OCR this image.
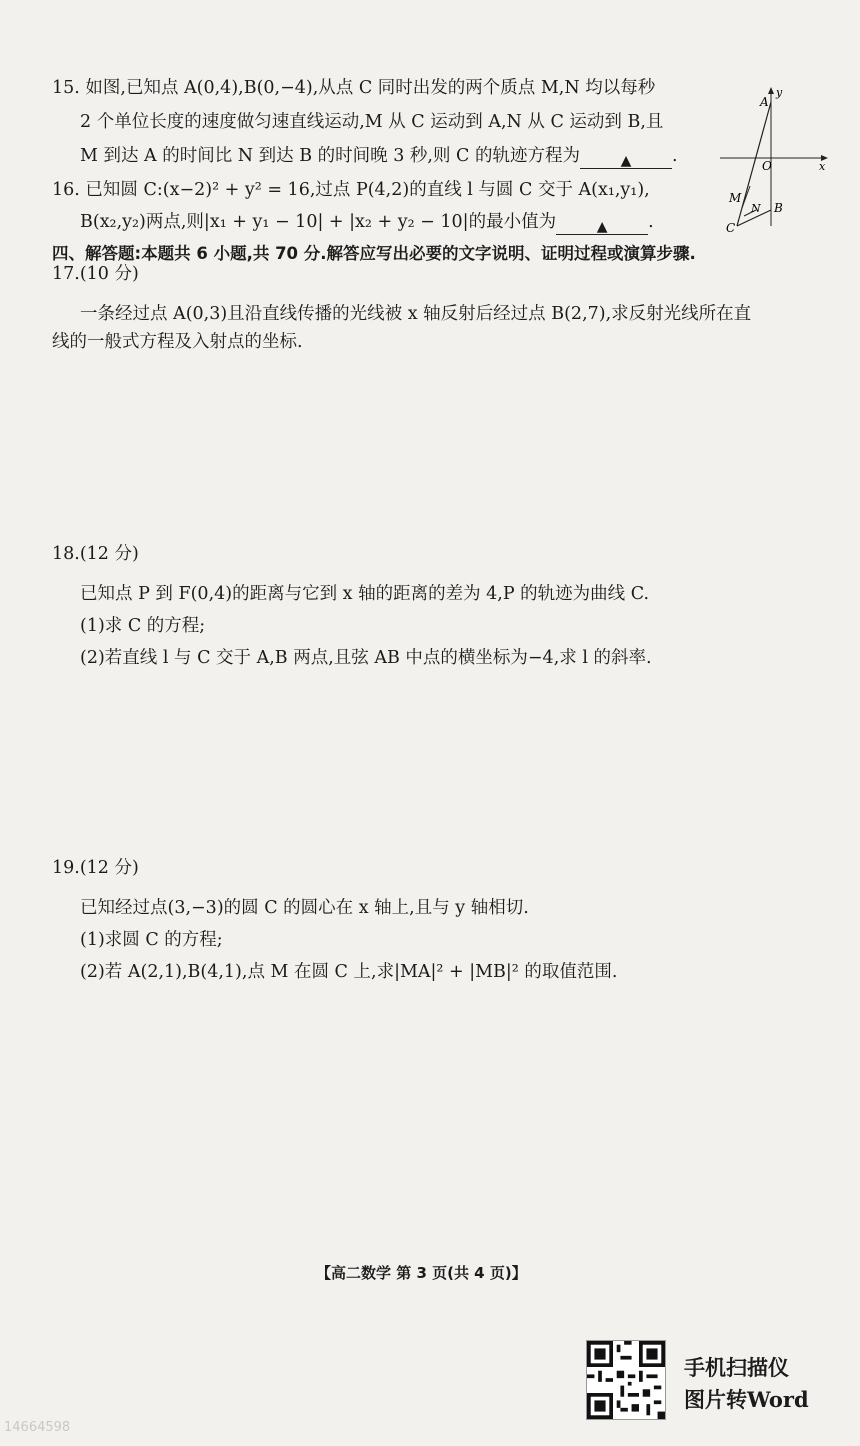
15. 如图,已知点 A(0,4),B(0,−4),从点 C 同时出发的两个质点 M,N 均以每秒
2 个单位长度的速度做匀速直线运动,M 从 C 运动到 A,N 从 C 运动到 B,且
M 到达 A 的时间比 N 到达 B 的时间晚 3 秒,则 C 的轨迹方程为	▲ .
A
y
O	x
M
N B
C
16. 已知圆 C:(x−2)² + y² = 16,过点 P(4,2)的直线 l 与圆 C 交于 A(x₁,y₁),
B(x₂,y₂)两点,则|x₁ + y₁ − 10| + |x₂ + y₂ − 10|的最小值为	▲ .
四、解答题:本题共 6 小题,共 70 分.解答应写出必要的文字说明、证明过程或演算步骤.
17.(10 分)
一条经过点 A(0,3)且沿直线传播的光线被 x 轴反射后经过点 B(2,7),求反射光线所在直
线的一般式方程及入射点的坐标.
18.(12 分)
已知点 P 到 F(0,4)的距离与它到 x 轴的距离的差为 4,P 的轨迹为曲线 C.
(1)求 C 的方程;
(2)若直线 l 与 C 交于 A,B 两点,且弦 AB 中点的横坐标为−4,求 l 的斜率.
19.(12 分)
已知经过点(3,−3)的圆 C 的圆心在 x 轴上,且与 y 轴相切.
(1)求圆 C 的方程;
(2)若 A(2,1),B(4,1),点 M 在圆 C 上,求|MA|² + |MB|² 的取值范围.
【高二数学 第 3 页(共 4 页)】
手机扫描仪
图片转Word
14664598
